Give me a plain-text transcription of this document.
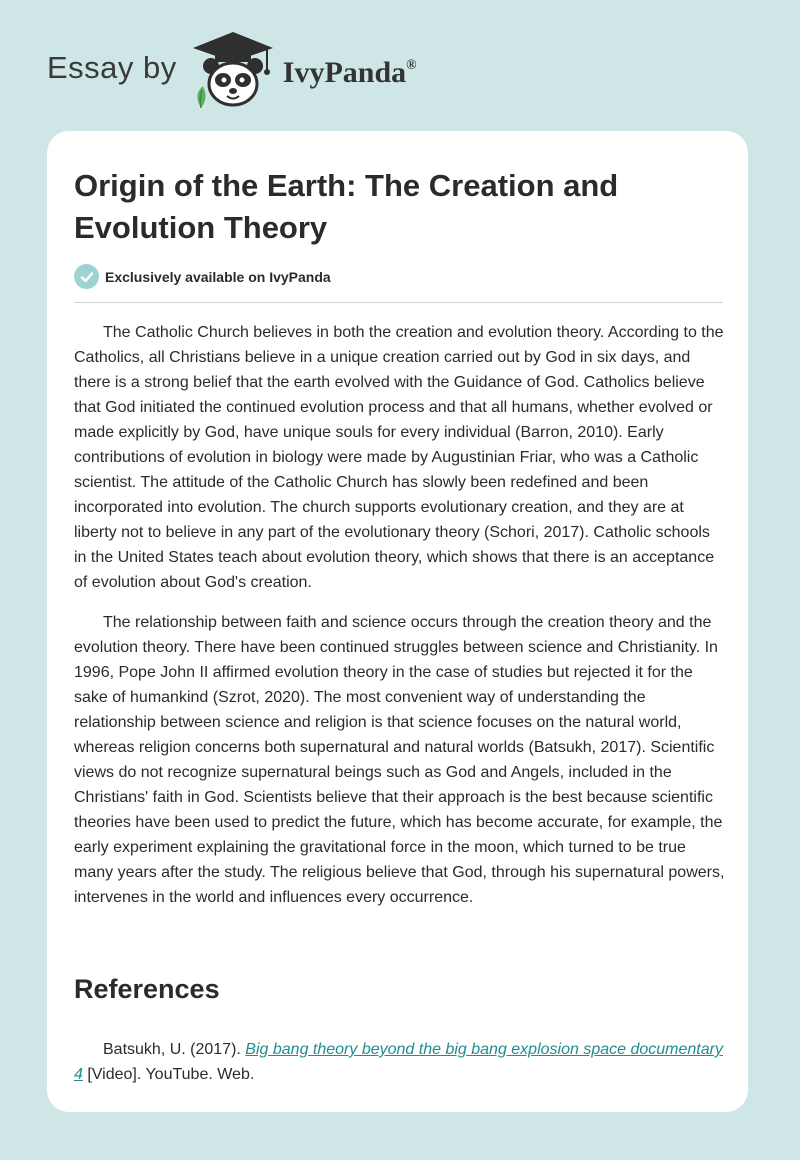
Essay by	IvyPanda®
Origin of the Earth: The Creation and Evolution Theory
Exclusively available on IvyPanda

The Catholic Church believes in both the creation and evolution theory. According to the Catholics, all Christians believe in a unique creation carried out by God in six days, and there is a strong belief that the earth evolved with the Guidance of God. Catholics believe that God initiated the continued evolution process and that all humans, whether evolved or made explicitly by God, have unique souls for every individual (Barron, 2010). Early contributions of evolution in biology were made by Augustinian Friar, who was a Catholic scientist. The attitude of the Catholic Church has slowly been redefined and been incorporated into evolution. The church supports evolutionary creation, and they are at liberty not to believe in any part of the evolutionary theory (Schori, 2017). Catholic schools in the United States teach about evolution theory, which shows that there is an acceptance of evolution about God's creation.

The relationship between faith and science occurs through the creation theory and the evolution theory. There have been continued struggles between science and Christianity. In 1996, Pope John II affirmed evolution theory in the case of studies but rejected it for the sake of humankind (Szrot, 2020). The most convenient way of understanding the relationship between science and religion is that science focuses on the natural world, whereas religion concerns both supernatural and natural worlds (Batsukh, 2017). Scientific views do not recognize supernatural beings such as God and Angels, included in the Christians' faith in God. Scientists believe that their approach is the best because scientific theories have been used to predict the future, which has become accurate, for example, the early experiment explaining the gravitational force in the moon, which turned to be true many years after the study. The religious believe that God, through his supernatural powers, intervenes in the world and influences every occurrence.

References

Batsukh, U. (2017). Big bang theory beyond the big bang explosion space documentary 4 [Video]. YouTube. Web.
